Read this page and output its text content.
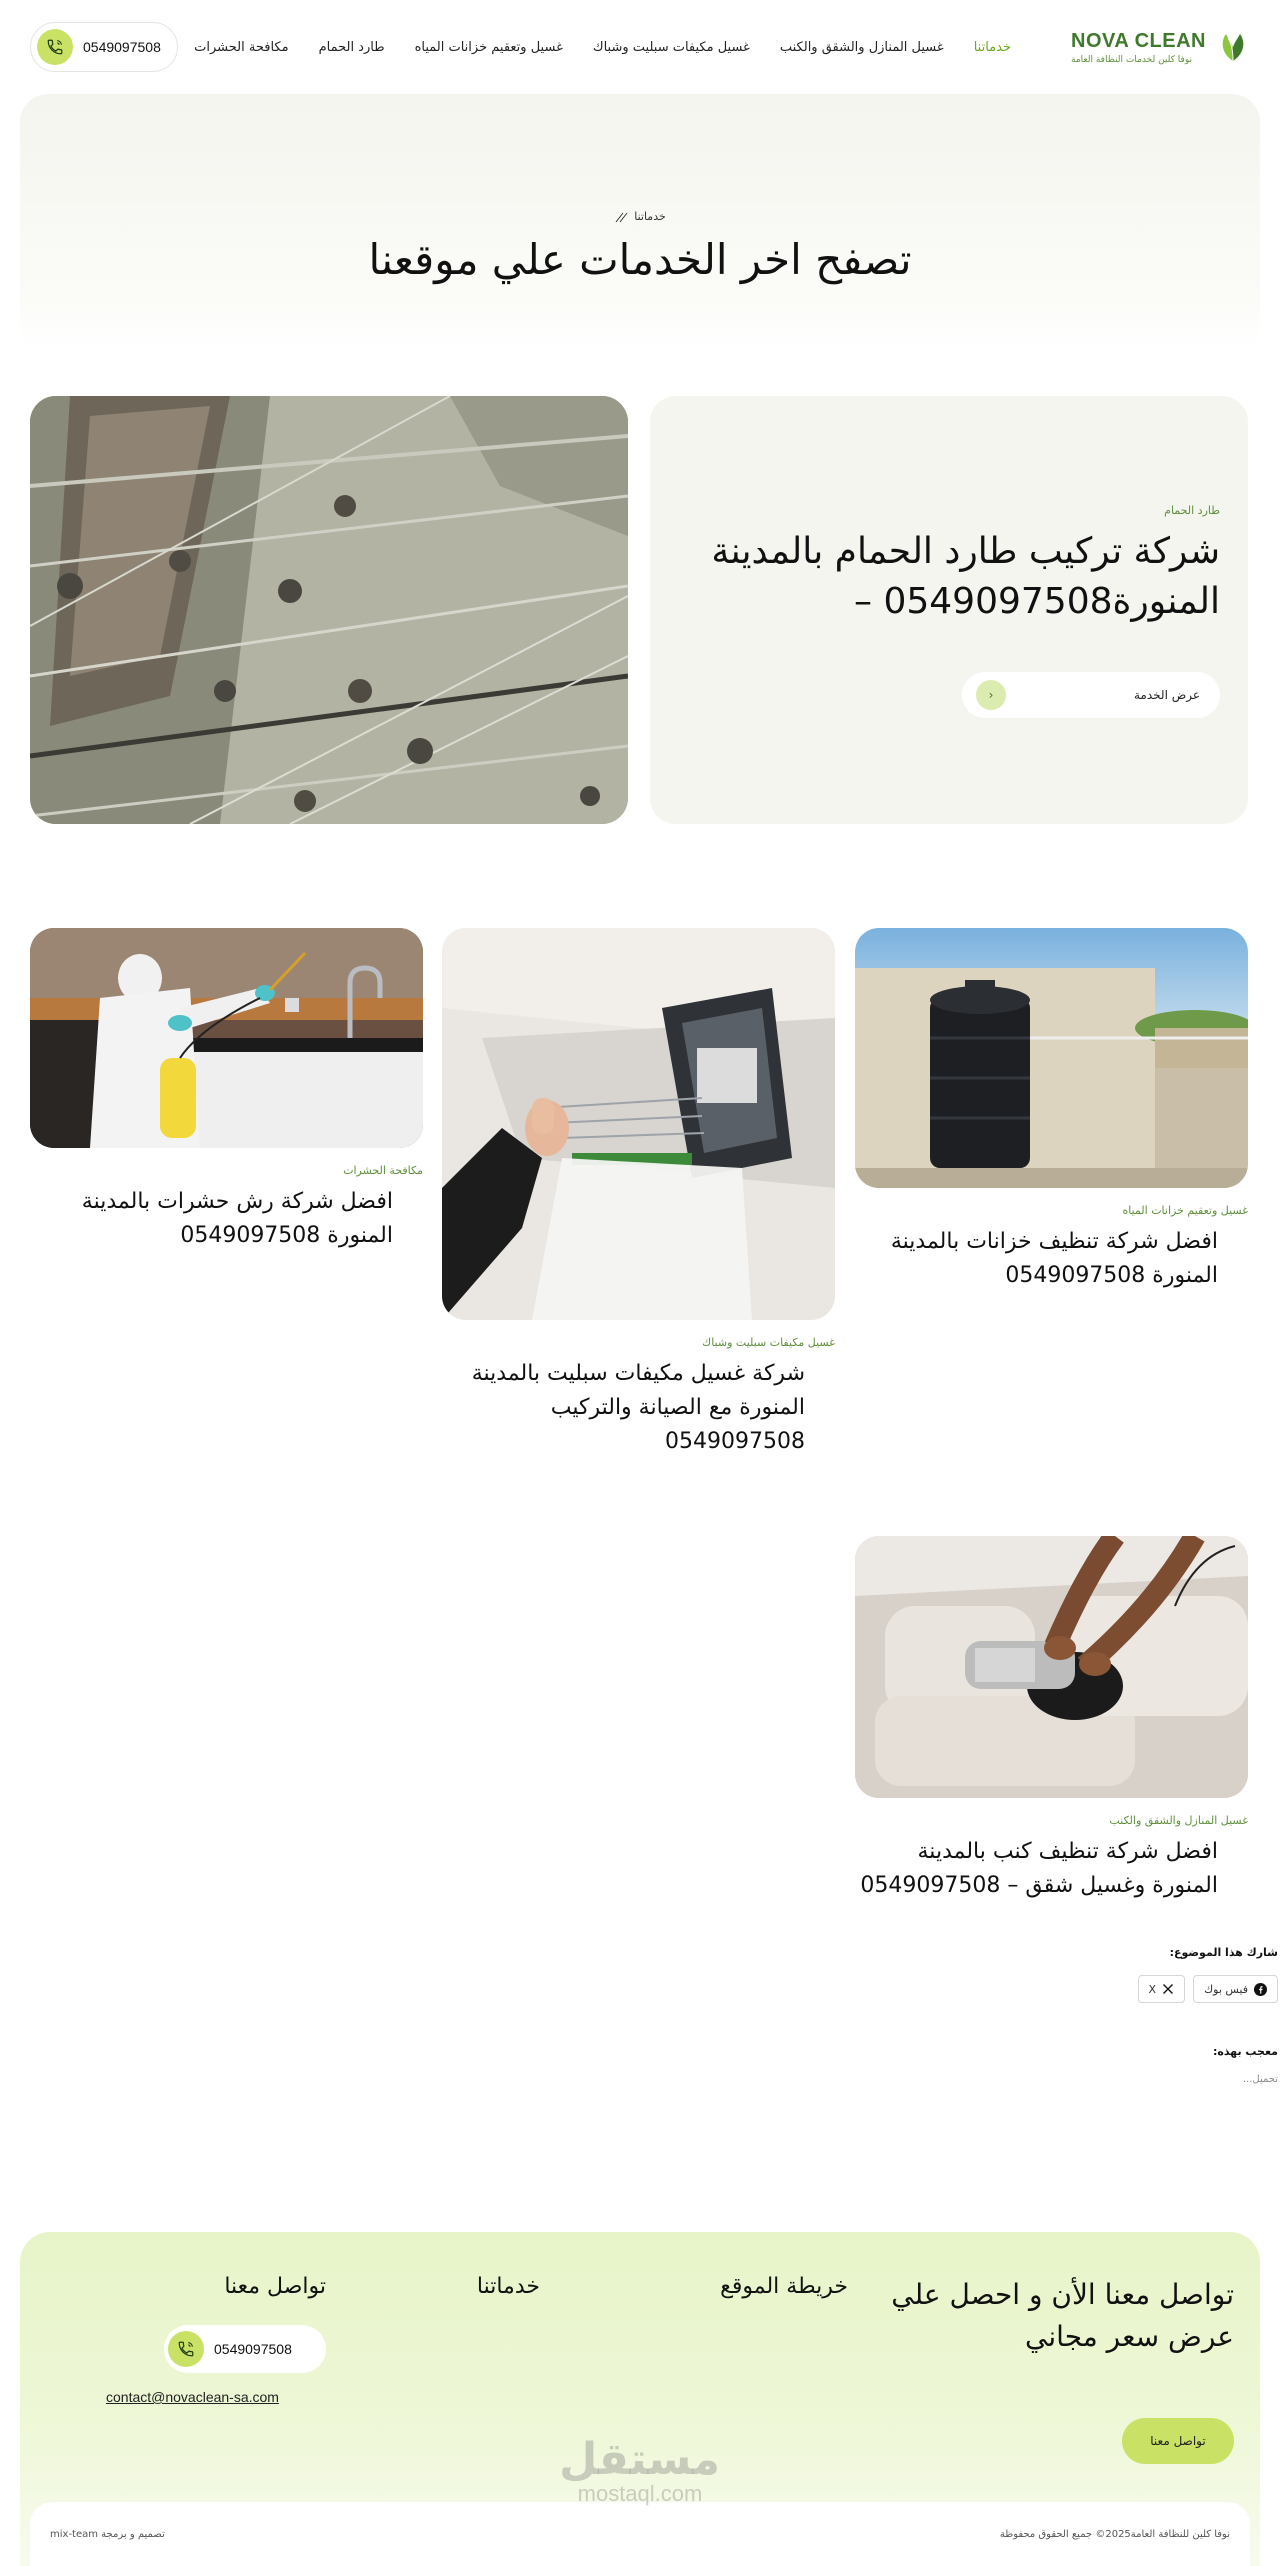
NOVA CLEAN
نوفا كلين لخدمات النظافة العامة
خدماتنا
غسيل المنازل والشقق والكنب
غسيل مكيفات سبليت وشباك
غسيل وتعقيم خزانات المياه
طارد الحمام
مكافحة الحشرات
0549097508
خدماتنا
تصفح اخر الخدمات علي موقعنا
طارد الحمام
شركة تركيب طارد الحمام بالمدينة المنورة0549097508 –
عرض الخدمة
‹
غسيل وتعقيم خزانات المياه
افضل شركة تنظيف خزانات بالمدينة المنورة 0549097508
غسيل مكيفات سبليت وشباك
شركة غسيل مكيفات سبليت بالمدينة المنورة مع الصيانة والتركيب 0549097508
مكافحة الحشرات
افضل شركة رش حشرات بالمدينة المنورة 0549097508
غسيل المنازل والشقق والكنب
افضل شركة تنظيف كنب بالمدينة المنورة وغسيل شقق – 0549097508
شارك هذا الموضوع:
فيس بوك
X
معجب بهذه:
تحميل...
تواصل معنا الأن و احصل علي عرض سعر مجاني
تواصل معنا
خريطة الموقع
خدماتنا
تواصل معنا
0549097508
contact@novaclean-sa.com
نوفا كلين للنظافة العامة2025© جميع الحقوق محفوظة
تصميم و برمجة mix-team
مستقل
mostaql.com
